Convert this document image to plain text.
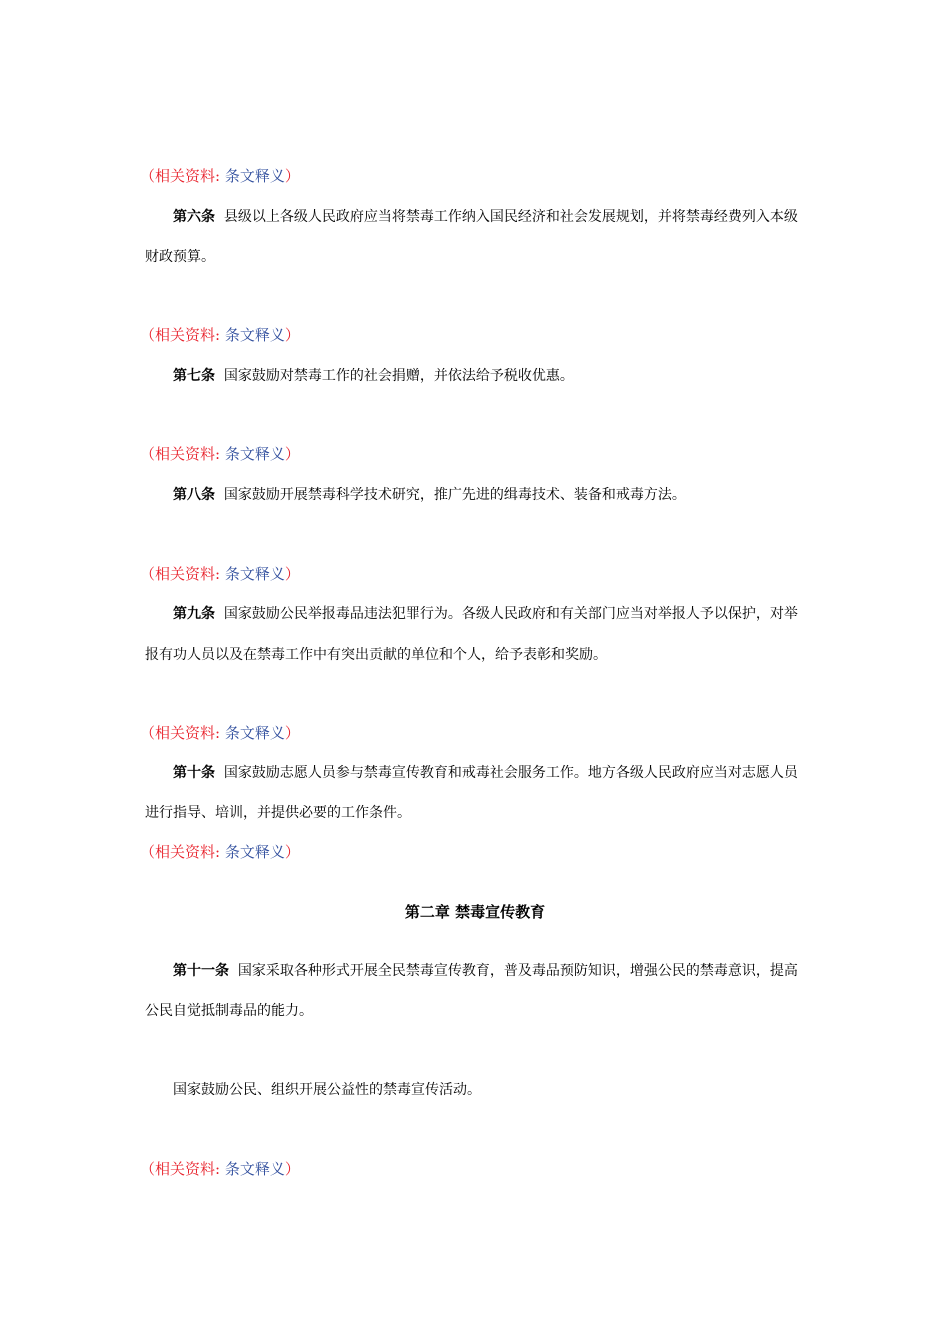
（相关资料: 条文释义）
第六条 县级以上各级人民政府应当将禁毒工作纳入国民经济和社会发展规划，并将禁毒经费列入本级
财政预算。
（相关资料: 条文释义）
第七条 国家鼓励对禁毒工作的社会捐赠，并依法给予税收优惠。
（相关资料: 条文释义）
第八条 国家鼓励开展禁毒科学技术研究，推广先进的缉毒技术、装备和戒毒方法。
（相关资料: 条文释义）
第九条 国家鼓励公民举报毒品违法犯罪行为。各级人民政府和有关部门应当对举报人予以保护，对举
报有功人员以及在禁毒工作中有突出贡献的单位和个人，给予表彰和奖励。
（相关资料: 条文释义）
第十条 国家鼓励志愿人员参与禁毒宣传教育和戒毒社会服务工作。地方各级人民政府应当对志愿人员
进行指导、培训，并提供必要的工作条件。
（相关资料: 条文释义）
第二章 禁毒宣传教育
第十一条 国家采取各种形式开展全民禁毒宣传教育，普及毒品预防知识，增强公民的禁毒意识，提高
公民自觉抵制毒品的能力。
国家鼓励公民、组织开展公益性的禁毒宣传活动。
（相关资料: 条文释义）
